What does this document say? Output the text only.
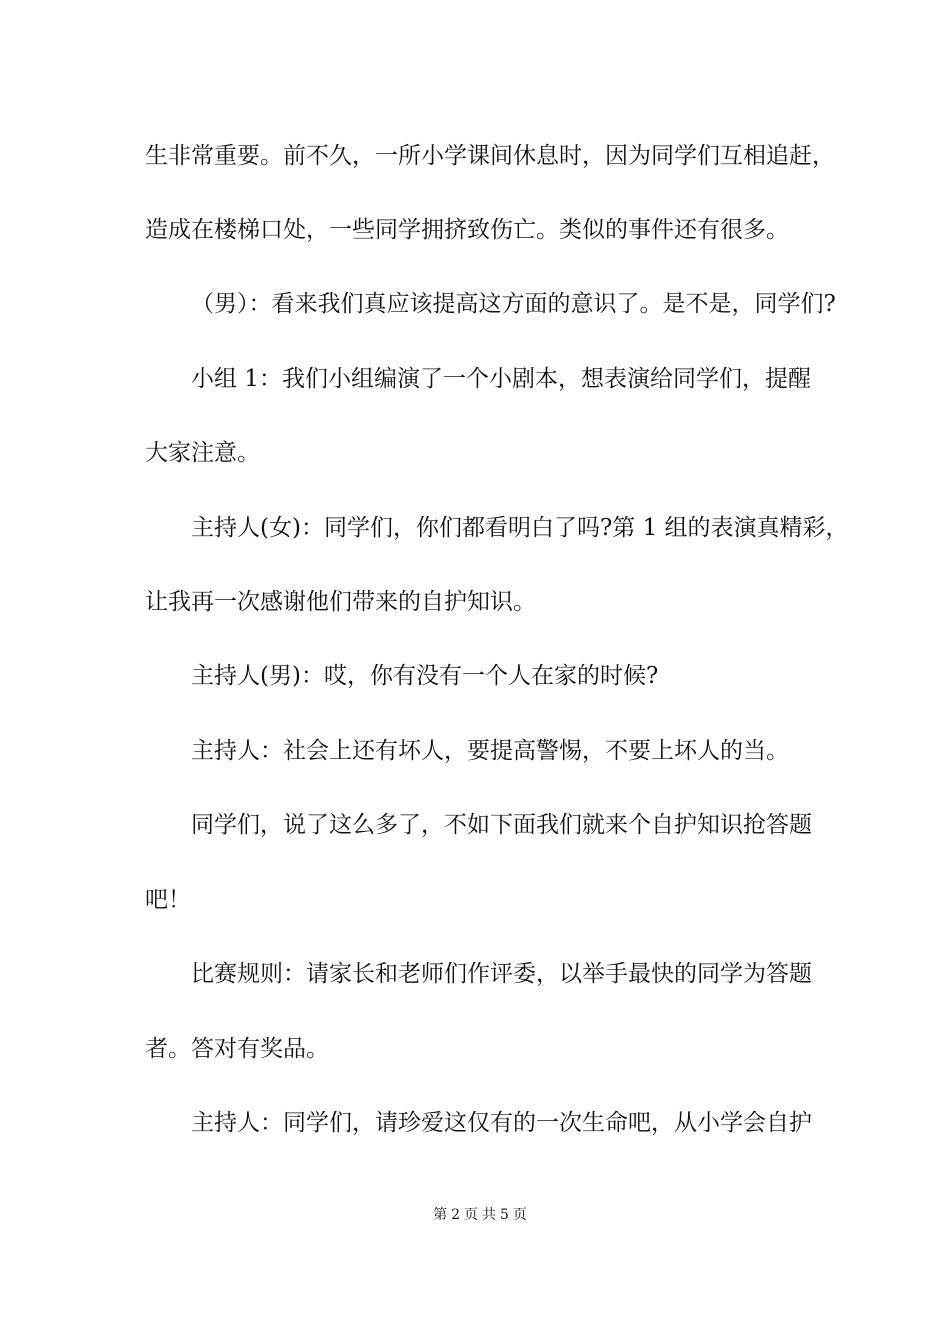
生非常重要。前不久，一所小学课间休息时，因为同学们互相追赶，
造成在楼梯口处，一些同学拥挤致伤亡。类似的事件还有很多。
（男）：看来我们真应该提高这方面的意识了。是不是，同学们?
小组 1：我们小组编演了一个小剧本，想表演给同学们，提醒
大家注意。
主持人(女)：同学们，你们都看明白了吗?第 1 组的表演真精彩，
让我再一次感谢他们带来的自护知识。
主持人(男)：哎，你有没有一个人在家的时候?
主持人：社会上还有坏人，要提高警惕，不要上坏人的当。
同学们，说了这么多了，不如下面我们就来个自护知识抢答题
吧！
比赛规则：请家长和老师们作评委，以举手最快的同学为答题
者。答对有奖品。
主持人：同学们，请珍爱这仅有的一次生命吧，从小学会自护
第 2 页 共 5 页
